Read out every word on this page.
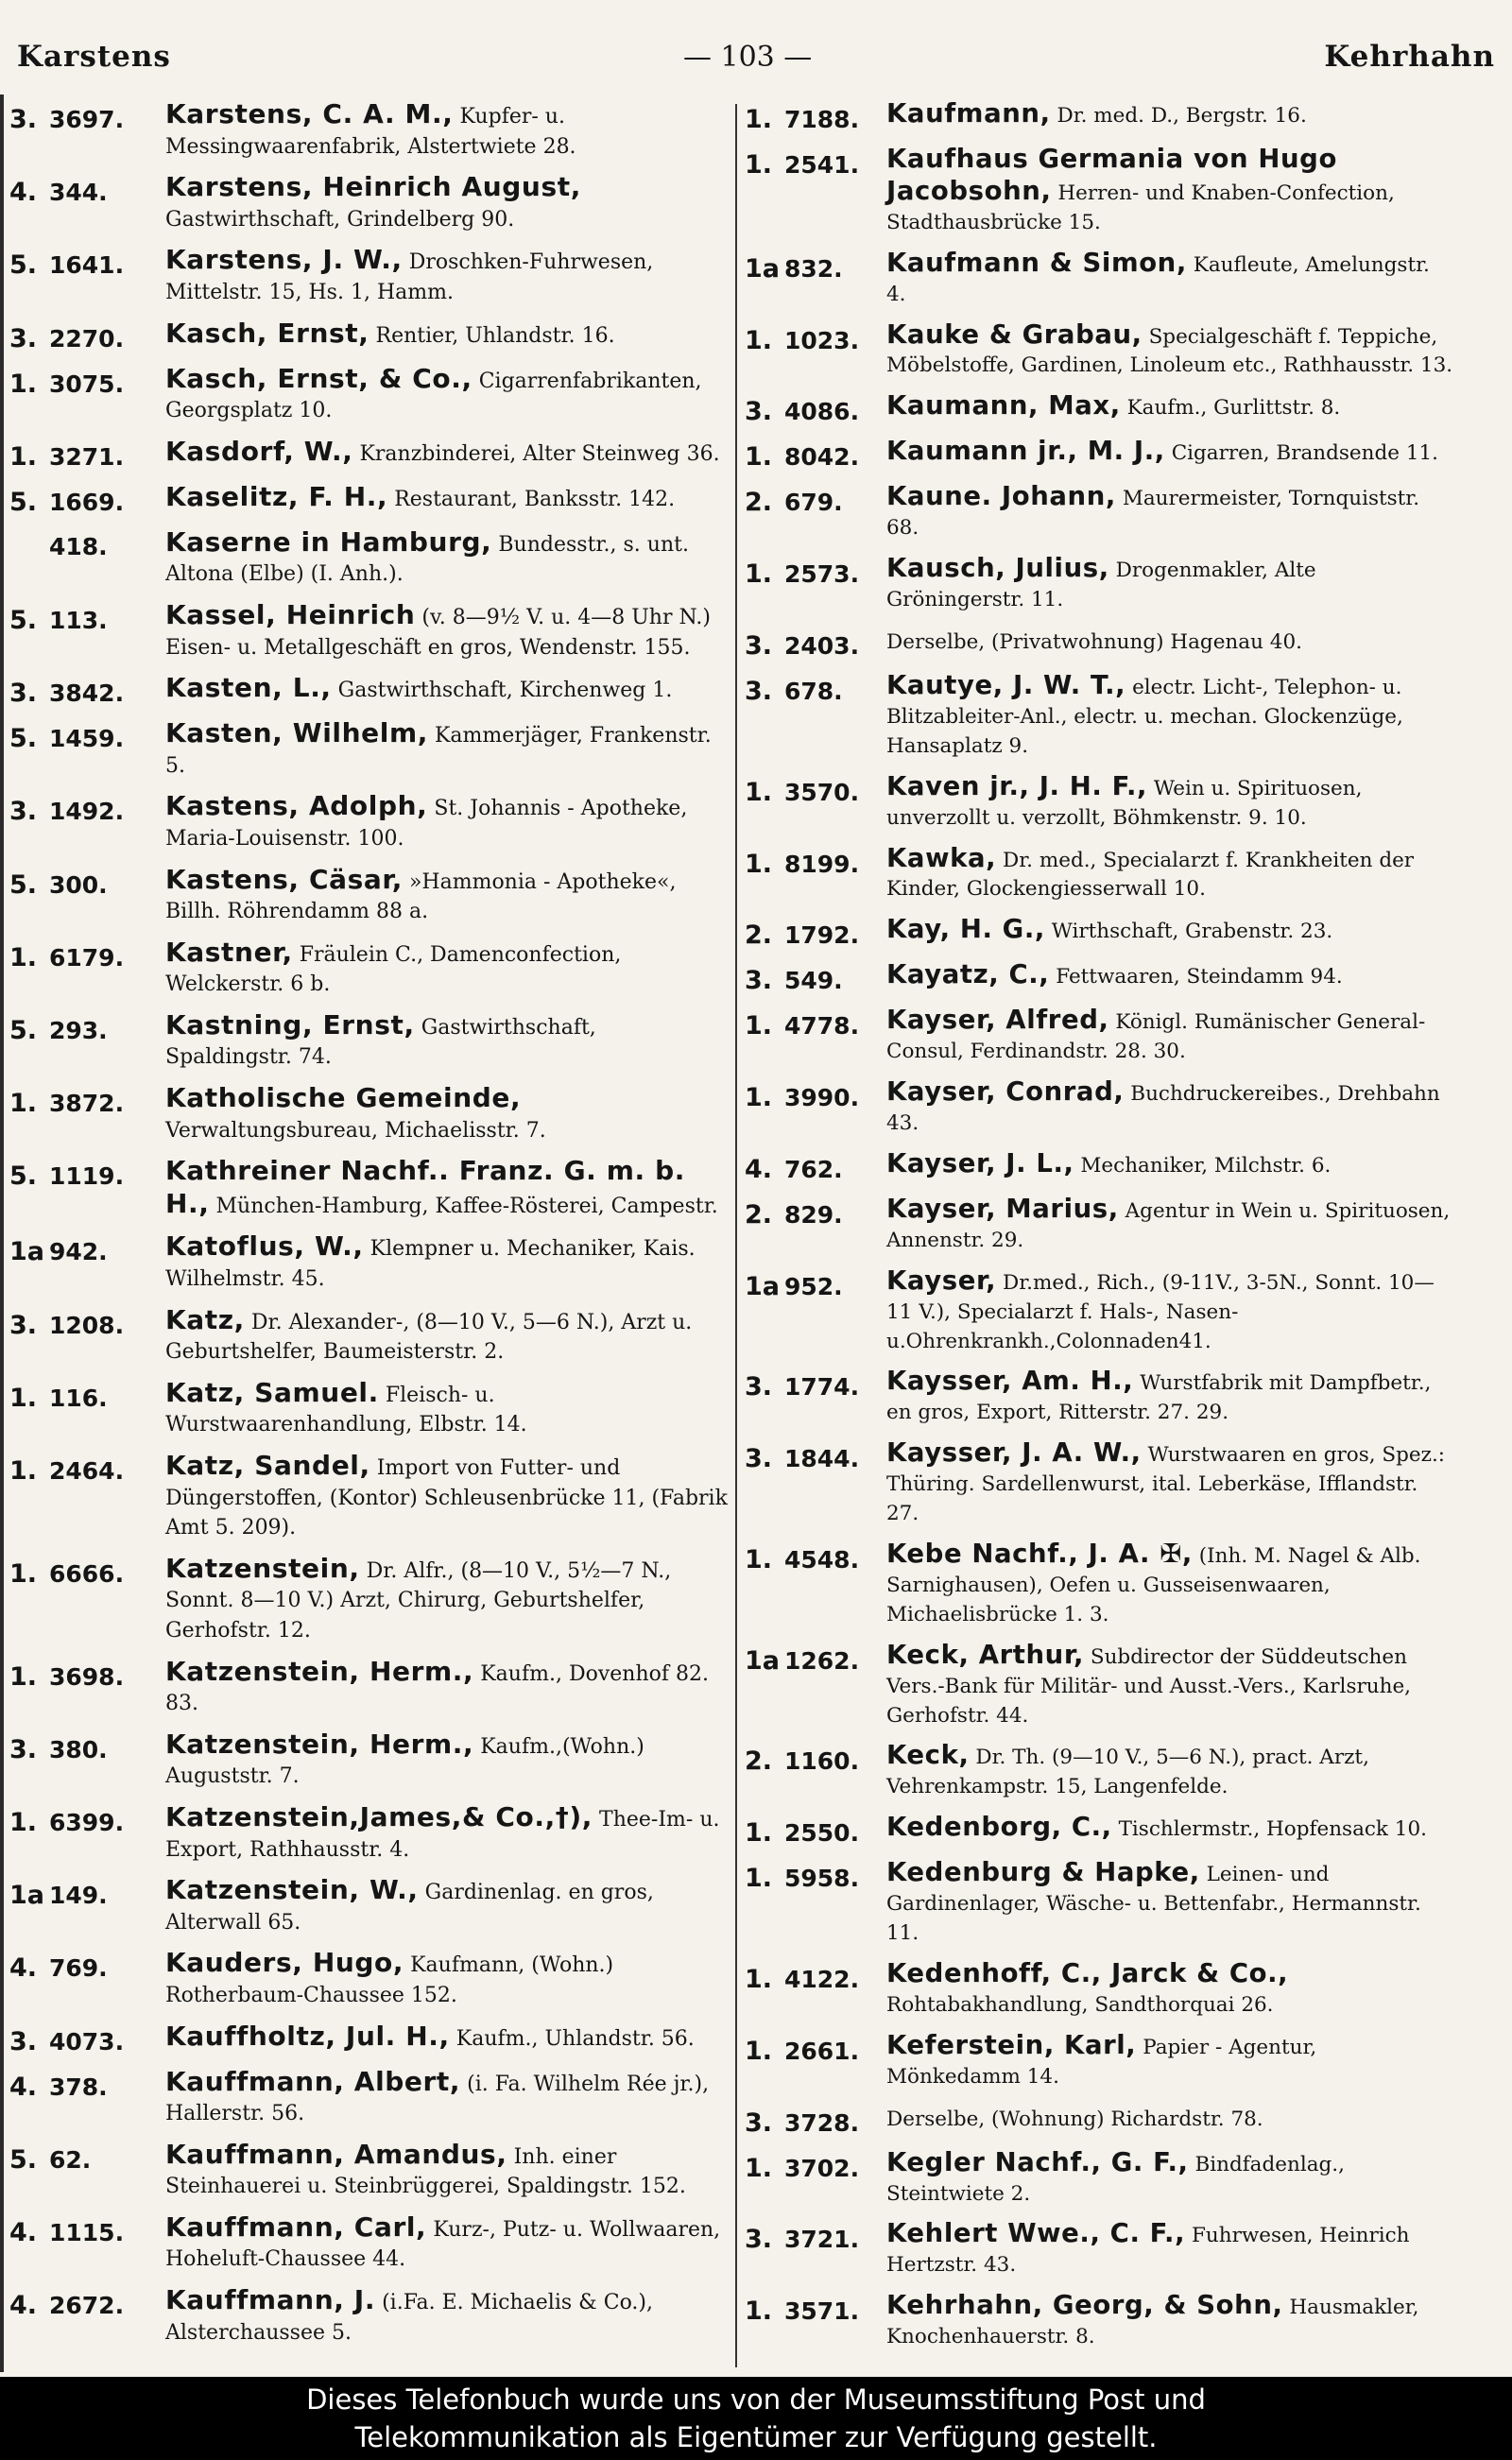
Karstens	— 103 —	Kehrhahn
3. 3697.	Karstens, C. A. M., Kupfer- u. Messingwaarenfabrik, Alstertwiete 28.
4. 344.	Karstens, Heinrich August, Gastwirthschaft, Grindelberg 90.
5. 1641.	Karstens, J. W., Droschken-Fuhrwesen, Mittelstr. 15, Hs. 1, Hamm.
3. 2270.	Kasch, Ernst, Rentier, Uhlandstr. 16.
1. 3075.	Kasch, Ernst, & Co., Cigarrenfabrikanten, Georgsplatz 10.
1. 3271.	Kasdorf, W., Kranzbinderei, Alter Steinweg 36.
5. 1669.	Kaselitz, F. H., Restaurant, Banksstr. 142.
418.	Kaserne in Hamburg, Bundesstr., s. unt. Altona (Elbe) (I. Anh.).
5. 113.	Kassel, Heinrich (v. 8—9½ V. u. 4—8 Uhr N.) Eisen- u. Metallgeschäft en gros, Wendenstr. 155.
3. 3842.	Kasten, L., Gastwirthschaft, Kirchenweg 1.
5. 1459.	Kasten, Wilhelm, Kammerjäger, Frankenstr. 5.
3. 1492.	Kastens, Adolph, St. Johannis - Apotheke, Maria-Louisenstr. 100.
5. 300.	Kastens, Cäsar, »Hammonia - Apotheke«, Billh. Röhrendamm 88 a.
1. 6179.	Kastner, Fräulein C., Damenconfection, Welckerstr. 6 b.
5. 293.	Kastning, Ernst, Gastwirthschaft, Spaldingstr. 74.
1. 3872.	Katholische Gemeinde, Verwaltungsbureau, Michaelisstr. 7.
5. 1119.	Kathreiner Nachf.. Franz. G. m. b. H., München-Hamburg, Kaffee-Rösterei, Campestr.
1a 942.	Katoflus, W., Klempner u. Mechaniker, Kais. Wilhelmstr. 45.
3. 1208.	Katz, Dr. Alexander-, (8—10 V., 5—6 N.), Arzt u. Geburtshelfer, Baumeisterstr. 2.
1. 116.	Katz, Samuel. Fleisch- u. Wurstwaarenhandlung, Elbstr. 14.
1. 2464.	Katz, Sandel, Import von Futter- und Düngerstoffen, (Kontor) Schleusenbrücke 11, (Fabrik Amt 5. 209).
1. 6666.	Katzenstein, Dr. Alfr., (8—10 V., 5½—7 N., Sonnt. 8—10 V.) Arzt, Chirurg, Geburtshelfer, Gerhofstr. 12.
1. 3698.	Katzenstein, Herm., Kaufm., Dovenhof 82. 83.
3. 380.	Katzenstein, Herm., Kaufm.,(Wohn.) Auguststr. 7.
1. 6399.	Katzenstein,James,& Co.,†), Thee-Im- u. Export, Rathhausstr. 4.
1a 149.	Katzenstein, W., Gardinenlag. en gros, Alterwall 65.
4. 769.	Kauders, Hugo, Kaufmann, (Wohn.) Rotherbaum-Chaussee 152.
3. 4073.	Kauffholtz, Jul. H., Kaufm., Uhlandstr. 56.
4. 378.	Kauffmann, Albert, (i. Fa. Wilhelm Rée jr.), Hallerstr. 56.
5. 62.	Kauffmann, Amandus, Inh. einer Steinhauerei u. Steinbrüggerei, Spaldingstr. 152.
4. 1115.	Kauffmann, Carl, Kurz-, Putz- u. Wollwaaren, Hoheluft-Chaussee 44.
4. 2672.	Kauffmann, J. (i.Fa. E. Michaelis & Co.), Alsterchaussee 5.
1. 7188.	Kaufmann, Dr. med. D., Bergstr. 16.
1. 2541.	Kaufhaus Germania von Hugo Jacobsohn, Herren- und Knaben-Confection, Stadthausbrücke 15.
1a 832.	Kaufmann & Simon, Kaufleute, Amelungstr. 4.
1. 1023.	Kauke & Grabau, Specialgeschäft f. Teppiche, Möbelstoffe, Gardinen, Linoleum etc., Rathhausstr. 13.
3. 4086.	Kaumann, Max, Kaufm., Gurlittstr. 8.
1. 8042.	Kaumann jr., M. J., Cigarren, Brandsende 11.
2. 679.	Kaune. Johann, Maurermeister, Tornquiststr. 68.
1. 2573.	Kausch, Julius, Drogenmakler, Alte Gröningerstr. 11.
3. 2403.	Derselbe, (Privatwohnung) Hagenau 40.
3. 678.	Kautye, J. W. T., electr. Licht-, Telephon- u. Blitzableiter-Anl., electr. u. mechan. Glockenzüge, Hansaplatz 9.
1. 3570.	Kaven jr., J. H. F., Wein u. Spirituosen, unverzollt u. verzollt, Böhmkenstr. 9. 10.
1. 8199.	Kawka, Dr. med., Specialarzt f. Krankheiten der Kinder, Glockengiesserwall 10.
2. 1792.	Kay, H. G., Wirthschaft, Grabenstr. 23.
3. 549.	Kayatz, C., Fettwaaren, Steindamm 94.
1. 4778.	Kayser, Alfred, Königl. Rumänischer General-Consul, Ferdinandstr. 28. 30.
1. 3990.	Kayser, Conrad, Buchdruckereibes., Drehbahn 43.
4. 762.	Kayser, J. L., Mechaniker, Milchstr. 6.
2. 829.	Kayser, Marius, Agentur in Wein u. Spirituosen, Annenstr. 29.
1a 952.	Kayser, Dr.med., Rich., (9-11V., 3-5N., Sonnt. 10—11 V.), Specialarzt f. Hals-, Nasen- u.Ohrenkrankh.,Colonnaden41.
3. 1774.	Kaysser, Am. H., Wurstfabrik mit Dampfbetr., en gros, Export, Ritterstr. 27. 29.
3. 1844.	Kaysser, J. A. W., Wurstwaaren en gros, Spez.: Thüring. Sardellenwurst, ital. Leberkäse, Ifflandstr. 27.
1. 4548.	Kebe Nachf., J. A. ✠, (Inh. M. Nagel & Alb. Sarnighausen), Oefen u. Gusseisenwaaren, Michaelisbrücke 1. 3.
1a 1262.	Keck, Arthur, Subdirector der Süddeutschen Vers.-Bank für Militär- und Ausst.-Vers., Karlsruhe, Gerhofstr. 44.
2. 1160.	Keck, Dr. Th. (9—10 V., 5—6 N.), pract. Arzt, Vehrenkampstr. 15, Langenfelde.
1. 2550.	Kedenborg, C., Tischlermstr., Hopfensack 10.
1. 5958.	Kedenburg & Hapke, Leinen- und Gardinenlager, Wäsche- u. Bettenfabr., Hermannstr. 11.
1. 4122.	Kedenhoff, C., Jarck & Co., Rohtabakhandlung, Sandthorquai 26.
1. 2661.	Keferstein, Karl, Papier - Agentur, Mönkedamm 14.
3. 3728.	Derselbe, (Wohnung) Richardstr. 78.
1. 3702.	Kegler Nachf., G. F., Bindfadenlag., Steintwiete 2.
3. 3721.	Kehlert Wwe., C. F., Fuhrwesen, Heinrich Hertzstr. 43.
1. 3571.	Kehrhahn, Georg, & Sohn, Hausmakler, Knochenhauerstr. 8.
Dieses Telefonbuch wurde uns von der Museumsstiftung Post und
Telekommunikation als Eigentümer zur Verfügung gestellt.
